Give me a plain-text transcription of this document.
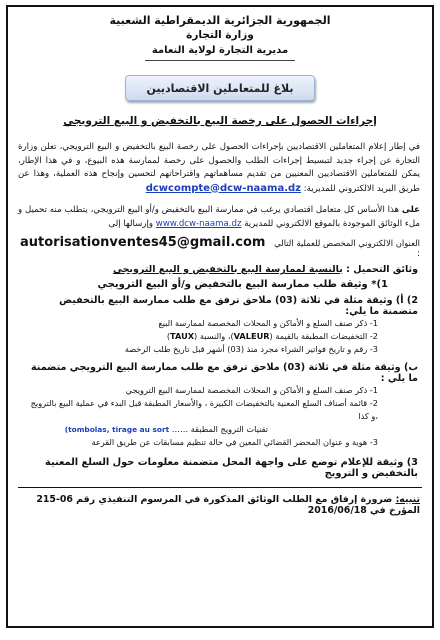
الجمهورية الجزائرية الديمقراطية الشعبية
وزارة التجارة
مديرية التجارة لولاية النعامة
بلاغ للمتعاملين الاقتصاديين
إجراءات الحصول على رخصة البيع بالتخفيض و البيع الترويجي
في إطار إعلام المتعاملين الاقتصاديين بإجراءات الحصول على رخصة البيع بالتخفيض و البيع الترويجي، تعلن وزارة التجارة عن إجراء جديد لتبسيط إجراءات الطلب والحصول على رخصة لممارسة هذه البيوع، و في هذا الإطار، يمكن للمتعاملين الاقتصاديين المعنيين من تقديم مساهماتهم واقتراحاتهم لتحسين وإنجاح هذه العملية، وهذا عن طريق البريد الالكتروني للمديرية: dcwcompte@dcw-naama.dz
على هذا الأساس كل متعامل اقتصادي يرغب في ممارسة البيع بالتخفيض و/أو البيع الترويجي، يتطلب منه تحميل و ملء الوثائق الموجودة بالموقع الالكتروني للمديرية www.dcw-naama.dz وإرسالها إلى
العنوان الالكتروني المخصص للعملية التالي :
autorisationventes45@gmail.com
وثائق التحميل : بالنسبة لممارسة البيع بالتخفيض و البيع الترويجي
1)* وثيقة طلب ممارسة البيع بالتخفيض و/أو البيع الترويجي
2) أ) وثيقة مثلة في ثلاثة (03) ملاحق ترفق مع طلب ممارسة البيع بالتخفيض متضمنة ما يلي:
1- ذكر صنف السلع و الأماكن و المحلات المخصصة لممارسة البيع
2- التخفيضات المطبقة بالقيمة (VALEUR)، والنسبة (TAUX)
3- رقم و تاريخ فواتير الشراء مجرد منذ (03) أشهر قبل تاريخ طلب الرخصة
ب) وثيقة مثلة في ثلاثة (03) ملاحق ترفق مع طلب ممارسة البيع الترويجي متضمنة ما يلي :
1- ذكر صنف السلع و الأماكن و المحلات المخصصة لممارسة البيع الترويجي
2- قائمة أصناف السلع المعنية بالتخفيضات الكبيرة ، والأسعار المطبقة قبل البدء في عملية البيع بالترويج ،و كذا
تقنيات الترويج المطبقة …… (tombolas, tirage au sort
3- هوية و عنوان المحضر القضائي المعين في حالة تنظيم مسابقات عن طريق القرعة
3) وثيقة للإعلام توضع على واجهة المحل متضمنة معلومات حول السلع المعنية بالتخفيض و الترويج
تنبيه: ضرورة إرفاق مع الطلب الوثائق المذكورة في المرسوم التنفيذي رقم 06-215 المؤرخ في 2016/06/18
